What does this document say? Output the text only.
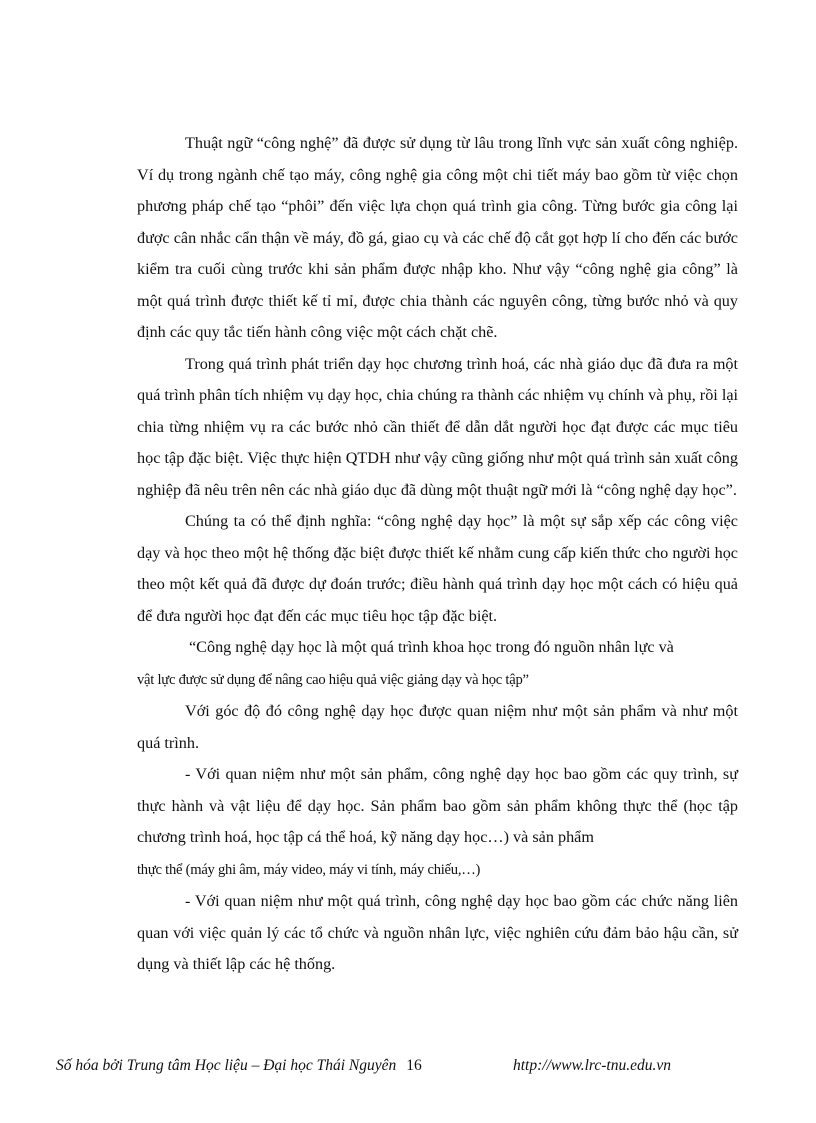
Thuật ngữ “công nghệ” đã được sử dụng từ lâu trong lĩnh vực sản xuất công nghiệp. Ví dụ trong ngành chế tạo máy, công nghệ gia công một chi tiết máy bao gồm từ việc chọn phương pháp chế tạo “phôi” đến việc lựa chọn quá trình gia công. Từng bước gia công lại được cân nhắc cẩn thận về máy, đồ gá, giao cụ và các chế độ cắt gọt hợp lí cho đến các bước kiểm tra cuối cùng trước khi sản phẩm được nhập kho. Như vậy “công nghệ gia công” là một quá trình được thiết kế tỉ mỉ, được chia thành các nguyên công, từng bước nhỏ và quy định các quy tắc tiến hành công việc một cách chặt chẽ.

Trong quá trình phát triển dạy học chương trình hoá, các nhà giáo dục đã đưa ra một quá trình phân tích nhiệm vụ dạy học, chia chúng ra thành các nhiệm vụ chính và phụ, rồi lại chia từng nhiệm vụ ra các bước nhỏ cần thiết để dẫn dắt người học đạt được các mục tiêu học tập đặc biệt. Việc thực hiện QTDH như vậy cũng giống như một quá trình sản xuất công nghiệp đã nêu trên nên các nhà giáo dục đã dùng một thuật ngữ mới là “công nghệ dạy học”.

Chúng ta có thể định nghĩa: “công nghệ dạy học” là một sự sắp xếp các công việc dạy và học theo một hệ thống đặc biệt được thiết kế nhằm cung cấp kiến thức cho người học theo một kết quả đã được dự đoán trước; điều hành quá trình dạy học một cách có hiệu quả để đưa người học đạt đến các mục tiêu học tập đặc biệt.

“Công nghệ dạy học là một quá trình khoa học trong đó nguồn nhân lực và
vật lực được sử dụng để nâng cao hiệu quả việc giảng dạy và học tập”

Với góc độ đó công nghệ dạy học được quan niệm như một sản phẩm và như một quá trình.

- Với quan niệm như một sản phẩm, công nghệ dạy học bao gồm các quy trình, sự thực hành và vật liệu để dạy học. Sản phẩm bao gồm sản phẩm không thực thể (học tập chương trình hoá, học tập cá thể hoá, kỹ năng dạy học…) và sản phẩm
thực thể (máy ghi âm, máy video, máy vi tính, máy chiếu,…)

- Với quan niệm như một quá trình, công nghệ dạy học bao gồm các chức năng liên quan với việc quản lý các tổ chức và nguồn nhân lực, việc nghiên cứu đảm bảo hậu cần, sử dụng và thiết lập các hệ thống.

Số hóa bởi Trung tâm Học liệu – Đại học Thái Nguyên 16	http://www.lrc-tnu.edu.vn
